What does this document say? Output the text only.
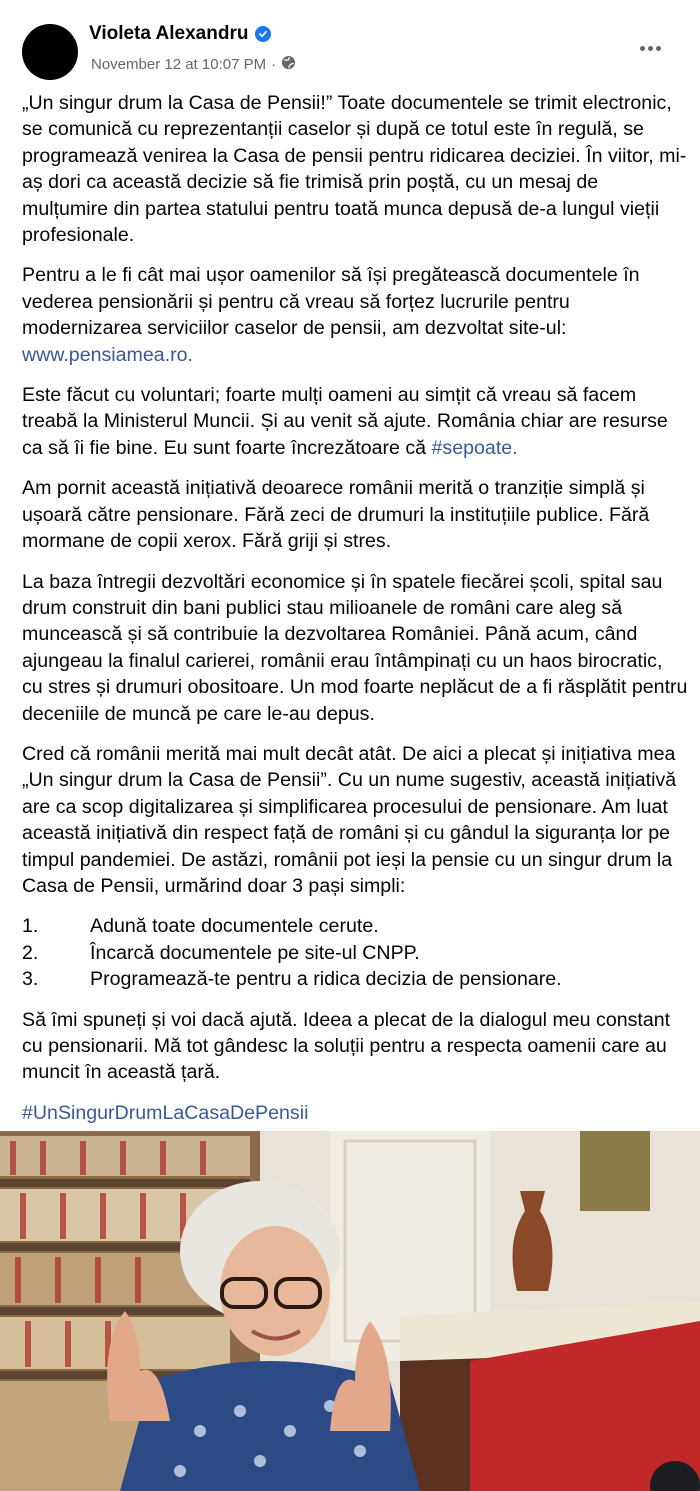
Violeta Alexandru
November 12 at 10:07 PM ·

„Un singur drum la Casa de Pensii!” Toate documentele se trimit electronic, se comunică cu reprezentanții caselor și după ce totul este în regulă, se programează venirea la Casa de pensii pentru ridicarea deciziei. În viitor, mi-aș dori ca această decizie să fie trimisă prin poștă, cu un mesaj de mulțumire din partea statului pentru toată munca depusă de-a lungul vieții profesionale.

Pentru a le fi cât mai ușor oamenilor să își pregătească documentele în vederea pensionării și pentru că vreau să forțez lucrurile pentru modernizarea serviciilor caselor de pensii, am dezvoltat site-ul: www.pensiamea.ro.

Este făcut cu voluntari; foarte mulți oameni au simțit că vreau să facem treabă la Ministerul Muncii. Și au venit să ajute. România chiar are resurse ca să îi fie bine. Eu sunt foarte încrezătoare că #sepoate.

Am pornit această inițiativă deoarece românii merită o tranziție simplă și ușoară către pensionare. Fără zeci de drumuri la instituțiile publice. Fără mormane de copii xerox. Fără griji și stres.

La baza întregii dezvoltări economice și în spatele fiecărei școli, spital sau drum construit din bani publici stau milioanele de români care aleg să muncească și să contribuie la dezvoltarea României. Până acum, când ajungeau la finalul carierei, românii erau întâmpinați cu un haos birocratic, cu stres și drumuri obositoare. Un mod foarte neplăcut de a fi răsplătit pentru deceniile de muncă pe care le-au depus.

Cred că românii merită mai mult decât atât. De aici a plecat și inițiativa mea „Un singur drum la Casa de Pensii”. Cu un nume sugestiv, această inițiativă are ca scop digitalizarea și simplificarea procesului de pensionare. Am luat această inițiativă din respect față de români și cu gândul la siguranța lor pe timpul pandemiei. De astăzi, românii pot ieși la pensie cu un singur drum la Casa de Pensii, urmărind doar 3 pași simpli:

1.	Adună toate documentele cerute.
2.	Încarcă documentele pe site-ul CNPP.
3.	Programează-te pentru a ridica decizia de pensionare.

Să îmi spuneți și voi dacă ajută. Ideea a plecat de la dialogul meu constant cu pensionarii. Mă tot gândesc la soluții pentru a respecta oamenii care au muncit în această țară.

#UnSingurDrumLaCasaDePensii
